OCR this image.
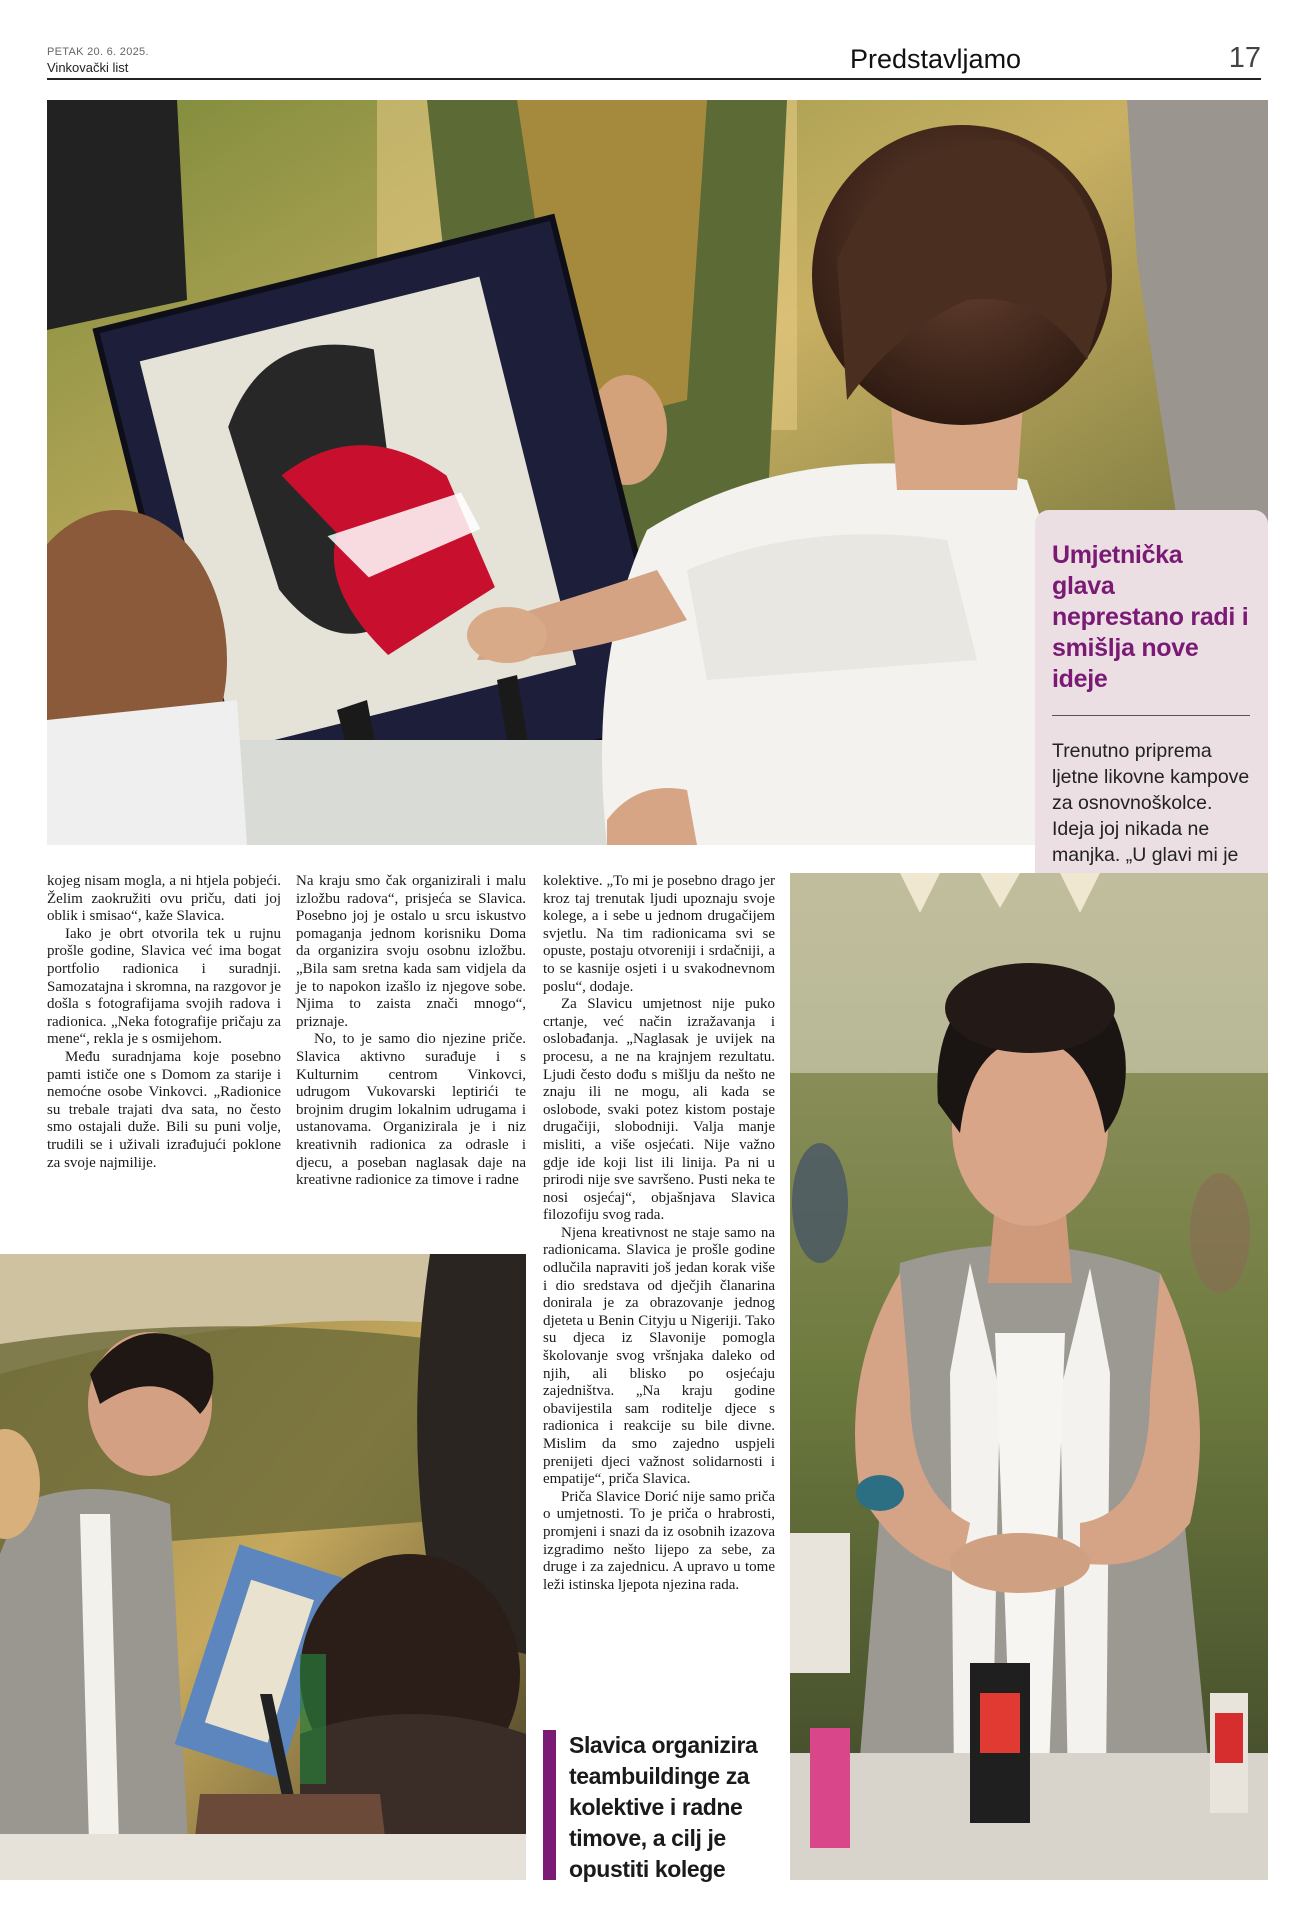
PETAK 20. 6. 2025.
Vinkovački list	Predstavljamo	17
Umjetnička glava neprestano radi i smišlja nove ideje
Trenutno priprema ljetne likovne kampove za osnovnoškolce. Ideja joj nikada ne manjka. „U glavi mi je

kojeg nisam mogla, a ni htjela pobjeći. Želim zaokružiti ovu priču, dati joj oblik i smisao“, kaže Slavica.

Iako je obrt otvorila tek u rujnu prošle godine, Slavica već ima bogat portfolio radionica i suradnji. Samozatajna i skromna, na razgovor je došla s fotografijama svojih radova i radionica. „Neka fotografije pričaju za mene“, rekla je s osmijehom.

Među suradnjama koje posebno pamti ističe one s Domom za starije i nemoćne osobe Vinkovci. „Radionice su trebale trajati dva sata, no često smo ostajali duže. Bili su puni volje, trudili se i uživali izrađujući poklone za svoje najmilije.

Na kraju smo čak organizirali i malu izložbu radova“, prisjeća se Slavica. Posebno joj je ostalo u srcu iskustvo pomaganja jednom korisniku Doma da organizira svoju osobnu izložbu. „Bila sam sretna kada sam vidjela da je to napokon izašlo iz njegove sobe. Njima to zaista znači mnogo“, priznaje.

No, to je samo dio njezine priče. Slavica aktivno surađuje i s Kulturnim centrom Vinkovci, udrugom Vukovarski leptirići te brojnim drugim lokalnim udrugama i ustanovama. Organizirala je i niz kreativnih radionica za odrasle i djecu, a poseban naglasak daje na kreativne radionice za timove i radne

kolektive. „To mi je posebno drago jer kroz taj trenutak ljudi upoznaju svoje kolege, a i sebe u jednom drugačijem svjetlu. Na tim radionicama svi se opuste, postaju otvoreniji i srdačniji, a to se kasnije osjeti i u svakodnevnom poslu“, dodaje.

Za Slavicu umjetnost nije puko crtanje, već način izražavanja i oslobađanja. „Naglasak je uvijek na procesu, a ne na krajnjem rezultatu. Ljudi često dođu s mišlju da nešto ne znaju ili ne mogu, ali kada se oslobode, svaki potez kistom postaje drugačiji, slobodniji. Valja manje misliti, a više osjećati. Nije važno gdje ide koji list ili linija. Pa ni u prirodi nije sve savršeno. Pusti neka te nosi osjećaj“, objašnjava Slavica filozofiju svog rada.

Njena kreativnost ne staje samo na radionicama. Slavica je prošle godine odlučila napraviti još jedan korak više i dio sredstava od dječjih članarina donirala je za obrazovanje jednog djeteta u Benin Cityju u Nigeriji. Tako su djeca iz Slavonije pomogla školovanje svog vršnjaka daleko od njih, ali blisko po osjećaju zajedništva. „Na kraju godine obavijestila sam roditelje djece s radionica i reakcije su bile divne. Mislim da smo zajedno uspjeli prenijeti djeci važnost solidarnosti i empatije“, priča Slavica.

Priča Slavice Dorić nije samo priča o umjetnosti. To je priča o hrabrosti, promjeni i snazi da iz osobnih izazova izgradimo nešto lijepo za sebe, za druge i za zajednicu. A upravo u tome leži istinska ljepota njezina rada.

Slavica organizira teambuildinge za kolektive i radne timove, a cilj je opustiti kolege
